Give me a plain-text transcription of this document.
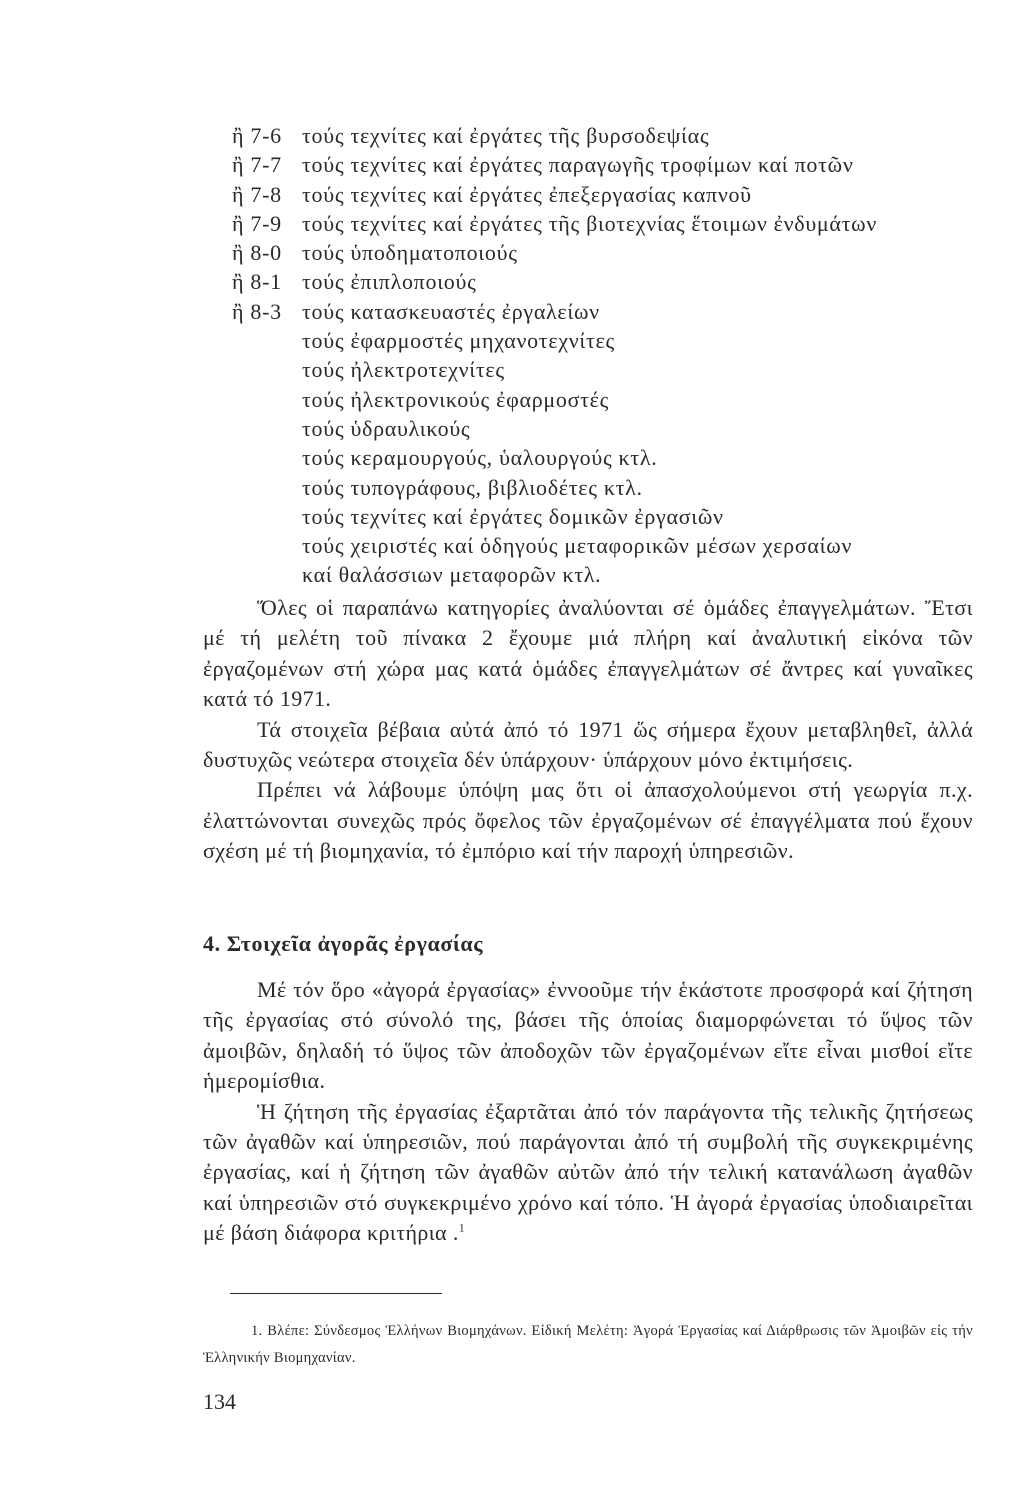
ἢ 7-6 τούς τεχνίτες καί ἐργάτες τῆς βυρσοδεψίας
ἢ 7-7 τούς τεχνίτες καί ἐργάτες παραγωγῆς τροφίμων καί ποτῶν
ἢ 7-8 τούς τεχνίτες καί ἐργάτες ἐπεξεργασίας καπνοῦ
ἢ 7-9 τούς τεχνίτες καί ἐργάτες τῆς βιοτεχνίας ἕτοιμων ἐνδυμάτων
ἢ 8-0 τούς ὑποδηματοποιούς
ἢ 8-1 τούς ἐπιπλοποιούς
ἢ 8-3 τούς κατασκευαστές ἐργαλείων
τούς ἐφαρμοστές μηχανοτεχνίτες
τούς ἠλεκτροτεχνίτες
τούς ἠλεκτρονικούς ἐφαρμοστές
τούς ὑδραυλικούς
τούς κεραμουργούς, ὑαλουργούς κτλ.
τούς τυπογράφους, βιβλιοδέτες κτλ.
τούς τεχνίτες καί ἐργάτες δομικῶν ἐργασιῶν
τούς χειριστές καί ὁδηγούς μεταφορικῶν μέσων χερσαίων
καί θαλάσσιων μεταφορῶν κτλ.

Ὅλες οἱ παραπάνω κατηγορίες ἀναλύονται σέ ὁμάδες ἐπαγγελμάτων. Ἔτσι μέ τή μελέτη τοῦ πίνακα 2 ἔχουμε μιά πλήρη καί ἀναλυτική εἰκόνα τῶν ἐργαζομένων στή χώρα μας κατά ὁμάδες ἐπαγγελμάτων σέ ἄντρες καί γυναῖκες κατά τό 1971.

Τά στοιχεῖα βέβαια αὐτά ἀπό τό 1971 ὥς σήμερα ἔχουν μεταβληθεῖ, ἀλλά δυστυχῶς νεώτερα στοιχεῖα δέν ὑπάρχουν· ὑπάρχουν μόνο ἐκτιμήσεις.

Πρέπει νά λάβουμε ὑπόψη μας ὅτι οἱ ἀπασχολούμενοι στή γεωργία π.χ. ἐλαττώνονται συνεχῶς πρός ὄφελος τῶν ἐργαζομένων σέ ἐπαγγέλματα πού ἔχουν σχέση μέ τή βιομηχανία, τό ἐμπόριο καί τήν παροχή ὑπηρεσιῶν.

4. Στοιχεῖα ἀγορᾶς ἐργασίας

Μέ τόν ὅρο «ἀγορά ἐργασίας» ἐννοοῦμε τήν ἑκάστοτε προσφορά καί ζήτηση τῆς ἐργασίας στό σύνολό της, βάσει τῆς ὁποίας διαμορφώνεται τό ὕψος τῶν ἀμοιβῶν, δηλαδή τό ὕψος τῶν ἀποδοχῶν τῶν ἐργαζομένων εἴτε εἶναι μισθοί εἴτε ἡμερομίσθια.

Ἡ ζήτηση τῆς ἐργασίας ἐξαρτᾶται ἀπό τόν παράγοντα τῆς τελικῆς ζητήσεως τῶν ἀγαθῶν καί ὑπηρεσιῶν, πού παράγονται ἀπό τή συμβολή τῆς συγκεκριμένης ἐργασίας, καί ἡ ζήτηση τῶν ἀγαθῶν αὐτῶν ἀπό τήν τελική κατανάλωση ἀγαθῶν καί ὑπηρεσιῶν στό συγκεκριμένο χρόνο καί τόπο. Ἡ ἀγορά ἐργασίας ὑποδιαιρεῖται μέ βάση διάφορα κριτήρια .$^1$

1. Βλέπε: Σύνδεσμος Ἑλλήνων Βιομηχάνων. Εἰδική Μελέτη: Ἀγορά Ἐργασίας καί Διάρθρωσις τῶν Ἀμοιβῶν εἰς τήν Ἑλληνικήν Βιομηχανίαν.
134
